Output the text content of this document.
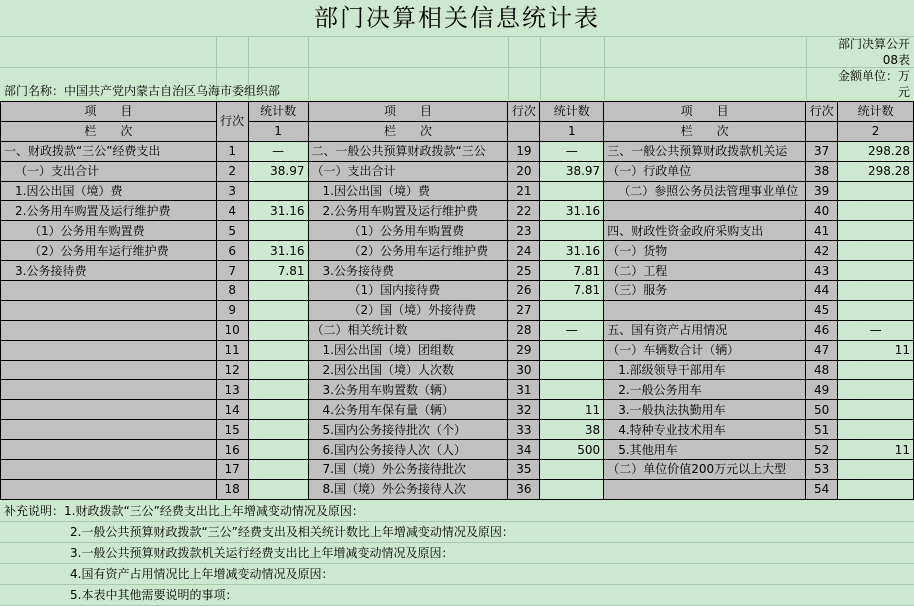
部门决算相关信息统计表
部门决算公开08表
金额单位：万元
部门名称：中国共产党内蒙古自治区乌海市委组织部
项　　目	行次	统计数	项　　目	行次	统计数	项　　目	行次	统计数
栏　　次		1	栏　　次		1	栏　　次		2

一、财政拨款“三公”经费支出	1	—	二、一般公共预算财政拨款“三公	19	—	三、一般公共预算财政拨款机关运	37	298.28
（一）支出合计	2	38.97	（一）支出合计	20	38.97	（一）行政单位	38	298.28
1.因公出国（境）费	3		1.因公出国（境）费	21		（二）参照公务员法管理事业单位	39	
2.公务用车购置及运行维护费	4	31.16	2.公务用车购置及运行维护费	22	31.16		40	
（1）公务用车购置费	5		（1）公务用车购置费	23		四、财政性资金政府采购支出	41	
（2）公务用车运行维护费	6	31.16	（2）公务用车运行维护费	24	31.16	（一）货物	42	
3.公务接待费	7	7.81	3.公务接待费	25	7.81	（二）工程	43	
	8		（1）国内接待费	26	7.81	（三）服务	44	
	9		（2）国（境）外接待费	27			45	
	10		（二）相关统计数	28	—	五、国有资产占用情况	46	—
	11		1.因公出国（境）团组数	29		（一）车辆数合计（辆）	47	11
	12		2.因公出国（境）人次数	30		1.部级领导干部用车	48	
	13		3.公务用车购置数（辆）	31		2.一般公务用车	49	
	14		4.公务用车保有量（辆）	32	11	3.一般执法执勤用车	50	
	15		5.国内公务接待批次（个）	33	38	4.特种专业技术用车	51	
	16		6.国内公务接待人次（人）	34	500	5.其他用车	52	11
	17		7.国（境）外公务接待批次	35		（二）单位价值200万元以上大型	53	
	18		8.国（境）外公务接待人次	36			54	
补充说明：1.财政拨款“三公”经费支出比上年增减变动情况及原因：
2.一般公共预算财政拨款“三公”经费支出及相关统计数比上年增减变动情况及原因：
3.一般公共预算财政拨款机关运行经费支出比上年增减变动情况及原因：
4.国有资产占用情况比上年增减变动情况及原因：
5.本表中其他需要说明的事项：
